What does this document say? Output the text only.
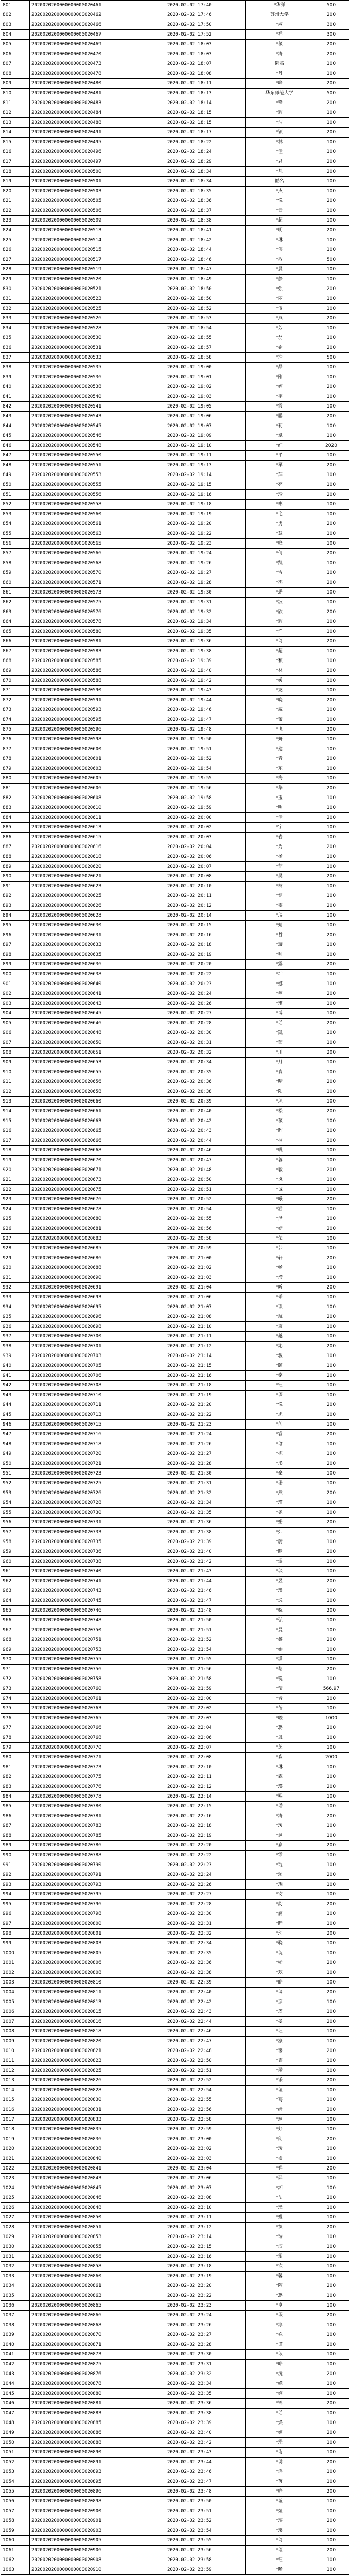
801	2020020200000000000020461	2020-02-02 17:40	*华洋	500
802	2020020200000000000020462	2020-02-02 17:46	苏州大学	200
803	2020020200000000000020466	2020-02-02 17:50	*淑	300
804	2020020200000000000020467	2020-02-02 17:52	*祥	300
805	2020020200000000000020469	2020-02-02 18:03	*薇	200
806	2020020200000000000020470	2020-02-02 18:03	*涛	200
807	2020020200000000000020473	2020-02-02 18:07	匿名	100
808	2020020200000000000020478	2020-02-02 18:08	*丹	100
809	2020020200000000000020480	2020-02-02 18:11	*峰	200
810	2020020200000000000020481	2020-02-02 18:13	华东师范大学	500
811	2020020200000000000020483	2020-02-02 18:14	*锋	200
812	2020020200000000000020484	2020-02-02 18:15	*辉	100
813	2020020200000000000020488	2020-02-02 18:15	*洁	100
814	2020020200000000000020491	2020-02-02 18:17	*颖	200
815	2020020200000000000020495	2020-02-02 18:22	*林	100
816	2020020200000000000020496	2020-02-02 18:24	*佳	100
817	2020020200000000000020497	2020-02-02 18:29	*君	200
818	2020020200000000000020500	2020-02-02 18:34	*凡	200
819	2020020200000000000020501	2020-02-02 18:34	匿名	100
820	2020020200000000000020503	2020-02-02 18:35	*杰	100
821	2020020200000000000020505	2020-02-02 18:36	*悦	200
822	2020020200000000000020506	2020-02-02 18:37	*云	100
823	2020020200000000000020509	2020-02-02 18:38	*超	100
824	2020020200000000000020513	2020-02-02 18:41	*明	200
825	2020020200000000000020514	2020-02-02 18:42	*琳	100
826	2020020200000000000020515	2020-02-02 18:44	*伟	100
827	2020020200000000000020517	2020-02-02 18:46	*敏	500
828	2020020200000000000020519	2020-02-02 18:47	*晨	100
829	2020020200000000000020520	2020-02-02 18:49	*静	100
830	2020020200000000000020521	2020-02-02 18:50	*强	200
831	2020020200000000000020523	2020-02-02 18:50	*丽	100
832	2020020200000000000020525	2020-02-02 18:52	*俊	100
833	2020020200000000000020526	2020-02-02 18:53	*燕	200
834	2020020200000000000020528	2020-02-02 18:54	*芳	100
835	2020020200000000000020530	2020-02-02 18:55	*磊	100
836	2020020200000000000020531	2020-02-02 18:57	*娟	200
837	2020020200000000000020533	2020-02-02 18:58	*浩	500
838	2020020200000000000020535	2020-02-02 19:00	*晶	100
839	2020020200000000000020536	2020-02-02 19:01	*刚	100
840	2020020200000000000020538	2020-02-02 19:02	*婷	200
841	2020020200000000000020540	2020-02-02 19:03	*宇	100
842	2020020200000000000020541	2020-02-02 19:05	*霞	100
843	2020020200000000000020543	2020-02-02 19:06	*鹏	200
844	2020020200000000000020545	2020-02-02 19:07	*莉	100
845	2020020200000000000020546	2020-02-02 19:09	*斌	100
846	2020020200000000000020548	2020-02-02 19:10	*红	2020
847	2020020200000000000020550	2020-02-02 19:11	*平	100
848	2020020200000000000020551	2020-02-02 19:13	*军	200
849	2020020200000000000020553	2020-02-02 19:14	*萍	100
850	2020020200000000000020555	2020-02-02 19:15	*亮	100
851	2020020200000000000020556	2020-02-02 19:16	*玲	200
852	2020020200000000000020558	2020-02-02 19:18	*彬	100
853	2020020200000000000020560	2020-02-02 19:19	*艳	100
854	2020020200000000000020561	2020-02-02 19:20	*勇	200
855	2020020200000000000020563	2020-02-02 19:22	*慧	100
856	2020020200000000000020565	2020-02-02 19:23	*峰	100
857	2020020200000000000020566	2020-02-02 19:24	*倩	200
858	2020020200000000000020568	2020-02-02 19:26	*凯	100
859	2020020200000000000020570	2020-02-02 19:27	*雪	100
860	2020020200000000000020571	2020-02-02 19:28	*杰	200
861	2020020200000000000020573	2020-02-02 19:30	*璐	100
862	2020020200000000000020575	2020-02-02 19:31	*波	100
863	2020020200000000000020576	2020-02-02 19:32	*欣	200
864	2020020200000000000020578	2020-02-02 19:34	*辉	100
865	2020020200000000000020580	2020-02-02 19:35	*洋	100
866	2020020200000000000020581	2020-02-02 19:36	*琦	200
867	2020020200000000000020583	2020-02-02 19:38	*超	100
868	2020020200000000000020585	2020-02-02 19:39	*颖	100
869	2020020200000000000020586	2020-02-02 19:40	*林	200
870	2020020200000000000020588	2020-02-02 19:42	*媛	100
871	2020020200000000000020590	2020-02-02 19:43	*龙	100
872	2020020200000000000020591	2020-02-02 19:44	*晓	200
873	2020020200000000000020593	2020-02-02 19:46	*威	100
874	2020020200000000000020595	2020-02-02 19:47	*蕾	100
875	2020020200000000000020596	2020-02-02 19:48	*飞	200
876	2020020200000000000020598	2020-02-02 19:50	*妍	100
877	2020020200000000000020600	2020-02-02 19:51	*建	100
878	2020020200000000000020601	2020-02-02 19:52	*青	200
879	2020020200000000000020603	2020-02-02 19:54	*东	100
880	2020020200000000000020605	2020-02-02 19:55	*梅	100
881	2020020200000000000020606	2020-02-02 19:56	*华	200
882	2020020200000000000020608	2020-02-02 19:58	*玉	100
883	2020020200000000000020610	2020-02-02 19:59	*明	100
884	2020020200000000000020611	2020-02-02 20:00	*佳	200
885	2020020200000000000020613	2020-02-02 20:02	*宁	100
886	2020020200000000000020615	2020-02-02 20:03	*岩	100
887	2020020200000000000020616	2020-02-02 20:04	*秀	200
888	2020020200000000000020618	2020-02-02 20:06	*杨	100
889	2020020200000000000020620	2020-02-02 20:07	*菲	100
890	2020020200000000000020621	2020-02-02 20:08	*昊	200
891	2020020200000000000020623	2020-02-02 20:10	*楠	100
892	2020020200000000000020625	2020-02-02 20:11	*健	100
893	2020020200000000000020626	2020-02-02 20:12	*雯	200
894	2020020200000000000020628	2020-02-02 20:14	*瑞	100
895	2020020200000000000020630	2020-02-02 20:15	*婧	100
896	2020020200000000000020631	2020-02-02 20:16	*哲	200
897	2020020200000000000020633	2020-02-02 20:18	*璇	100
898	2020020200000000000020635	2020-02-02 20:19	*帅	100
899	2020020200000000000020636	2020-02-02 20:20	*露	200
900	2020020200000000000020638	2020-02-02 20:22	*坤	100
901	2020020200000000000020640	2020-02-02 20:23	*娜	100
902	2020020200000000000020641	2020-02-02 20:24	*翔	200
903	2020020200000000000020643	2020-02-02 20:26	*琪	100
904	2020020200000000000020645	2020-02-02 20:27	*博	100
905	2020020200000000000020646	2020-02-02 20:28	*瑶	200
906	2020020200000000000020648	2020-02-02 20:30	*凯	100
907	2020020200000000000020650	2020-02-02 20:31	*茜	100
908	2020020200000000000020651	2020-02-02 20:32	*川	200
909	2020020200000000000020653	2020-02-02 20:34	*月	100
910	2020020200000000000020655	2020-02-02 20:35	*森	100
911	2020020200000000000020656	2020-02-02 20:36	*晴	200
912	2020020200000000000020658	2020-02-02 20:38	*阳	100
913	2020020200000000000020660	2020-02-02 20:39	*琼	100
914	2020020200000000000020661	2020-02-02 20:40	*松	200
915	2020020200000000000020663	2020-02-02 20:42	*薇	100
916	2020020200000000000020665	2020-02-02 20:43	*晖	100
917	2020020200000000000020666	2020-02-02 20:44	*桐	200
918	2020020200000000000020668	2020-02-02 20:46	*帆	100
919	2020020200000000000020670	2020-02-02 20:47	*蓉	100
920	2020020200000000000020671	2020-02-02 20:48	*毅	200
921	2020020200000000000020673	2020-02-02 20:50	*岚	100
922	2020020200000000000020675	2020-02-02 20:51	*诚	100
923	2020020200000000000020676	2020-02-02 20:52	*曦	200
924	2020020200000000000020678	2020-02-02 20:54	*涵	100
925	2020020200000000000020680	2020-02-02 20:55	*泽	100
926	2020020200000000000020681	2020-02-02 20:56	*婕	200
927	2020020200000000000020683	2020-02-02 20:58	*荣	100
928	2020020200000000000020685	2020-02-02 20:59	*芸	100
929	2020020200000000000020686	2020-02-02 21:00	*轩	200
930	2020020200000000000020688	2020-02-02 21:02	*畅	100
931	2020020200000000000020690	2020-02-02 21:03	*滢	100
932	2020020200000000000020691	2020-02-02 21:04	*昕	200
933	2020020200000000000020693	2020-02-02 21:06	*韬	100
934	2020020200000000000020695	2020-02-02 21:07	*璟	100
935	2020020200000000000020696	2020-02-02 21:08	*航	200
936	2020020200000000000020698	2020-02-02 21:10	*宸	100
937	2020020200000000000020700	2020-02-02 21:11	*越	100
938	2020020200000000000020701	2020-02-02 21:12	*沁	200
939	2020020200000000000020703	2020-02-02 21:14	*骏	100
940	2020020200000000000020705	2020-02-02 21:15	*颐	100
941	2020020200000000000020706	2020-02-02 21:16	*铭	200
942	2020020200000000000020708	2020-02-02 21:18	*钰	100
943	2020020200000000000020710	2020-02-02 21:19	*琛	100
944	2020020200000000000020711	2020-02-02 21:20	*悦	200
945	2020020200000000000020713	2020-02-02 21:22	*旭	100
946	2020020200000000000020715	2020-02-02 21:23	*芮	100
947	2020020200000000000020716	2020-02-02 21:24	*睿	200
948	2020020200000000000020718	2020-02-02 21:26	*瑜	100
949	2020020200000000000020720	2020-02-02 21:27	*栋	100
950	2020020200000000000020721	2020-02-02 21:28	*彤	200
951	2020020200000000000020723	2020-02-02 21:30	*豪	100
952	2020020200000000000020725	2020-02-02 21:31	*珊	100
953	2020020200000000000020726	2020-02-02 21:32	*然	200
954	2020020200000000000020728	2020-02-02 21:34	*瑾	100
955	2020020200000000000020730	2020-02-02 21:35	*尧	100
956	2020020200000000000020731	2020-02-02 21:36	*姗	200
957	2020020200000000000020733	2020-02-02 21:38	*炜	100
958	2020020200000000000020735	2020-02-02 21:39	*蔚	100
959	2020020200000000000020736	2020-02-02 21:40	*晗	200
960	2020020200000000000020738	2020-02-02 21:42	*煜	100
961	2020020200000000000020740	2020-02-02 21:43	*琰	100
962	2020020200000000000020741	2020-02-02 21:44	*昱	200
963	2020020200000000000020743	2020-02-02 21:46	*璞	100
964	2020020200000000000020745	2020-02-02 21:47	*逸	100
965	2020020200000000000020746	2020-02-02 21:48	*婉	200
966	2020020200000000000020748	2020-02-02 21:50	*弘	100
967	2020020200000000000020750	2020-02-02 21:51	*曼	100
968	2020020200000000000020751	2020-02-02 21:52	*鑫	200
969	2020020200000000000020753	2020-02-02 21:54	*嫣	100
970	2020020200000000000020755	2020-02-02 21:55	*潇	100
971	2020020200000000000020756	2020-02-02 21:56	*黎	200
972	2020020200000000000020758	2020-02-02 21:58	*锐	100
973	2020020200000000000020760	2020-02-02 21:59	*莹	566.97
974	2020020200000000000020761	2020-02-02 22:00	*晋	200
975	2020020200000000000020763	2020-02-02 22:02	*蓓	100
976	2020020200000000000020765	2020-02-02 22:03	*峻	1000
977	2020020200000000000020766	2020-02-02 22:04	*璐	200
978	2020020200000000000020768	2020-02-02 22:06	*晟	100
979	2020020200000000000020770	2020-02-02 22:07	*芝	100
980	2020020200000000000020771	2020-02-02 22:08	*淼	2000
981	2020020200000000000020773	2020-02-02 22:10	*琳	100
982	2020020200000000000020775	2020-02-02 22:11	*霖	100
983	2020020200000000000020776	2020-02-02 22:12	*瑛	200
984	2020020200000000000020778	2020-02-02 22:14	*熙	100
985	2020020200000000000020780	2020-02-02 22:15	*璠	100
986	2020020200000000000020781	2020-02-02 22:16	*涛	200
987	2020020200000000000020783	2020-02-02 22:18	*瑗	100
988	2020020200000000000020785	2020-02-02 22:19	*渊	100
989	2020020200000000000020786	2020-02-02 22:20	*嘉	200
990	2020020200000000000020788	2020-02-02 22:22	*霏	100
991	2020020200000000000020790	2020-02-02 22:23	*琨	100
992	2020020200000000000020791	2020-02-02 22:24	*颂	200
993	2020020200000000000020793	2020-02-02 22:26	*璨	100
994	2020020200000000000020795	2020-02-02 22:27	*钧	100
995	2020020200000000000020796	2020-02-02 22:28	*韵	200
996	2020020200000000000020798	2020-02-02 22:30	*澜	100
997	2020020200000000000020800	2020-02-02 22:31	*晔	100
998	2020020200000000000020801	2020-02-02 22:32	*珂	200
999	2020020200000000000020803	2020-02-02 22:34	*骁	100
1000	2020020200000000000020805	2020-02-02 22:35	*琬	100
1001	2020020200000000000020806	2020-02-02 22:36	*勋	200
1002	2020020200000000000020808	2020-02-02 22:38	*蕊	100
1003	2020020200000000000020810	2020-02-02 22:39	*皓	100
1004	2020020200000000000020811	2020-02-02 22:40	*璃	200
1005	2020020200000000000020813	2020-02-02 22:42	*彦	100
1006	2020020200000000000020815	2020-02-02 22:43	*筠	100
1007	2020020200000000000020816	2020-02-02 22:44	*晏	200
1008	2020020200000000000020818	2020-02-02 22:46	*珏	100
1009	2020020200000000000020820	2020-02-02 22:47	*濠	100
1010	2020020200000000000020821	2020-02-02 22:48	*璎	200
1011	2020020200000000000020823	2020-02-02 22:50	*霆	100
1012	2020020200000000000020825	2020-02-02 22:51	*漪	100
1013	2020020200000000000020826	2020-02-02 22:52	*谦	200
1014	2020020200000000000020828	2020-02-02 22:54	*瑄	100
1015	2020020200000000000020830	2020-02-02 22:55	*骞	100
1016	2020020200000000000020831	2020-02-02 22:56	*绮	200
1017	2020020200000000000020833	2020-02-02 22:58	*翊	100
1018	2020020200000000000020835	2020-02-02 22:59	*妤	100
1019	2020020200000000000020836	2020-02-02 23:00	*朗	200
1020	2020020200000000000020838	2020-02-02 23:02	*瑷	100
1021	2020020200000000000020840	2020-02-02 23:03	*崇	100
1022	2020020200000000000020841	2020-02-02 23:04	*婵	200
1023	2020020200000000000020843	2020-02-02 23:06	*羿	100
1024	2020020200000000000020845	2020-02-02 23:07	*湘	100
1025	2020020200000000000020846	2020-02-02 23:08	*岳	200
1026	2020020200000000000020848	2020-02-02 23:10	*璋	100
1027	2020020200000000000020850	2020-02-02 23:11	*嫚	100
1028	2020020200000000000020851	2020-02-02 23:12	*臻	200
1029	2020020200000000000020853	2020-02-02 23:14	*瑞	100
1030	2020020200000000000020855	2020-02-02 23:15	*滨	100
1031	2020020200000000000020856	2020-02-02 23:16	*珺	200
1032	2020020200000000000020858	2020-02-02 23:18	*钦	100
1033	2020020200000000000020860	2020-02-02 23:19	*馨	100
1034	2020020200000000000020861	2020-02-02 23:20	*陶	200
1035	2020020200000000000020863	2020-02-02 23:22	*璐	100
1036	2020020200000000000020865	2020-02-02 23:23	*卓	100
1037	2020020200000000000020866	2020-02-02 23:24	*瑕	200
1038	2020020200000000000020868	2020-02-02 23:26	*淳	100
1039	2020020200000000000020870	2020-02-02 23:27	*姝	100
1040	2020020200000000000020871	2020-02-02 23:28	*谨	200
1041	2020020200000000000020873	2020-02-02 23:30	*琅	100
1042	2020020200000000000020875	2020-02-02 23:31	*晧	100
1043	2020020200000000000020876	2020-02-02 23:32	*沅	200
1044	2020020200000000000020878	2020-02-02 23:34	*嵘	100
1045	2020020200000000000020880	2020-02-02 23:35	*娴	100
1046	2020020200000000000020881	2020-02-02 23:36	*锦	200
1047	2020020200000000000020883	2020-02-02 23:38	*瑶	100
1048	2020020200000000000020885	2020-02-02 23:39	*焕	100
1049	2020020200000000000020886	2020-02-02 23:40	*婳	200
1050	2020020200000000000020888	2020-02-02 23:42	*璟	100
1051	2020020200000000000020890	2020-02-02 23:43	*珩	100
1052	2020020200000000000020891	2020-02-02 23:44	*琇	200
1053	2020020200000000000020893	2020-02-02 23:46	*鸿	100
1054	2020020200000000000020895	2020-02-02 23:47	*苒	100
1055	2020020200000000000020896	2020-02-02 23:48	*峥	200
1056	2020020200000000000020898	2020-02-02 23:50	*璇	100
1057	2020020200000000000020900	2020-02-02 23:51	*煊	100
1058	2020020200000000000020901	2020-02-02 23:52	*瑢	200
1059	2020020200000000000020903	2020-02-02 23:54	*璎	100
1060	2020020200000000000020905	2020-02-02 23:55	*琦	100
1061	2020020200000000000020906	2020-02-02 23:56	*璀	200
1062	2020020200000000000020908	2020-02-02 23:58	*钰	100
1063	2020020200000000000020910	2020-02-02 23:59	*晞	100
